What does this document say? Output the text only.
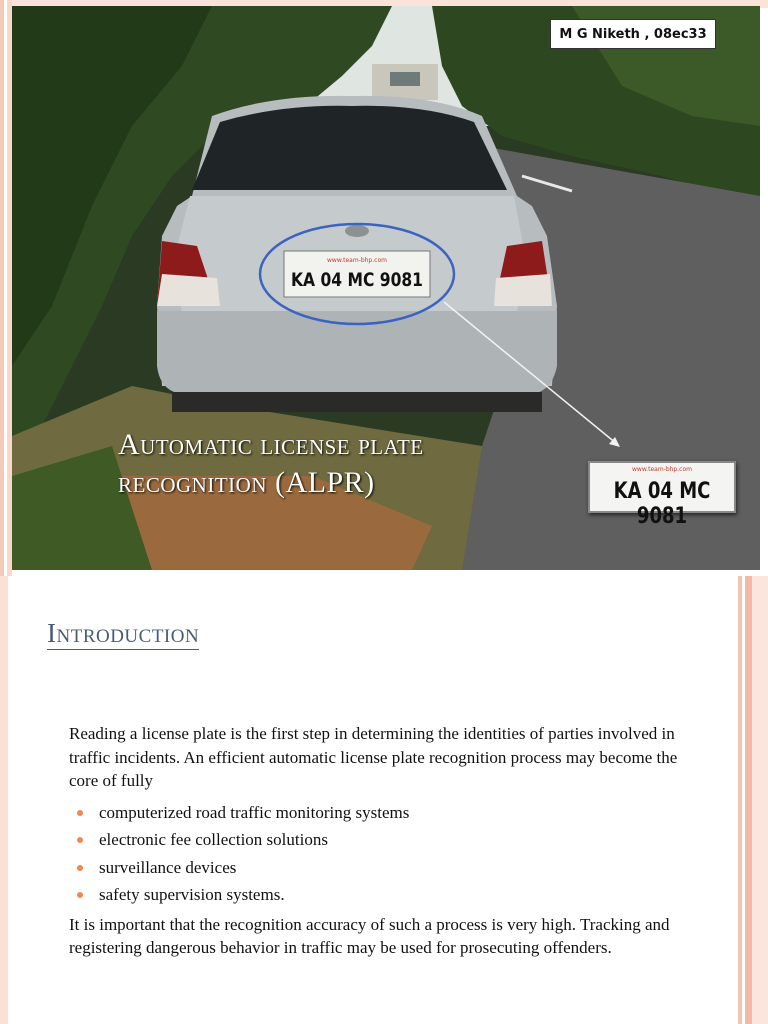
www.team-bhp.com
KA 04 MC 9081
M G Niketh , 08ec33
Automatic license plate
recognition (ALPR)	www.team-bhp.com
KA 04 MC 9081
Introduction

Reading a license plate is the first step in determining the identities of parties involved in traffic incidents. An efficient automatic license plate recognition process may become the core of fully

computerized road traffic monitoring systems
electronic fee collection solutions
surveillance devices
safety supervision systems.

It is important that the recognition accuracy of such a process is very high. Tracking and registering dangerous behavior in traffic may be used for prosecuting offenders.
